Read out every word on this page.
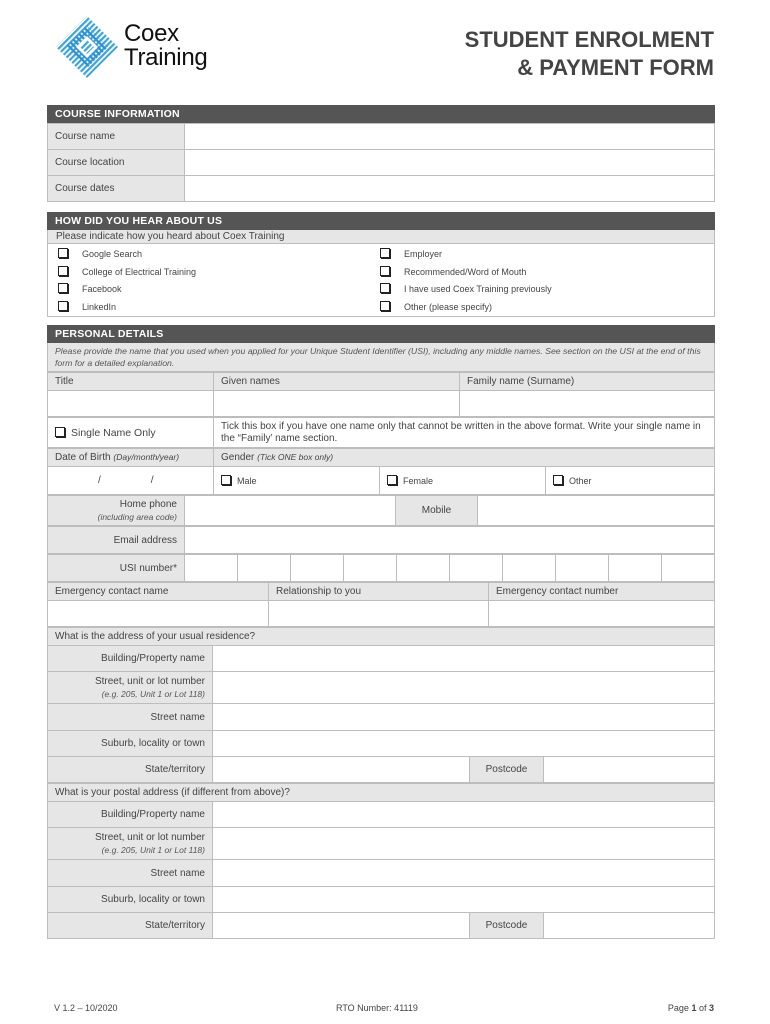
Coex
Training
STUDENT ENROLMENT
& PAYMENT FORM
COURSE INFORMATION
Course name	
Course location	
Course dates	
HOW DID YOU HEAR ABOUT US
Please indicate how you heard about Coex Training
Google Search
College of Electrical Training
Facebook
LinkedIn
Employer
Recommended/Word of Mouth
I have used Coex Training previously
Other (please specify)
PERSONAL DETAILS
Please provide the name that you used when you applied for your Unique Student Identifier (USI), including any middle names. See section on the USI at the end of this form for a detailed explanation.
Title	Given names	Family name (Surname)

Single Name Only	Tick this box if you have one name only that cannot be written in the above format. Write your single name in the “Family’ name section.
Date of Birth (Day/month/year)	Gender (Tick ONE box only)		
/ /	Male	Female	Other
Home phone
(including area code)
		Mobile	
Email address	
USI number*										
Emergency contact name	Relationship to you	Emergency contact number

What is the address of your usual residence?			
Building/Property name			
Street, unit or lot number
(e.g. 205, Unit 1 or Lot 118)			

Street name			
Suburb, locality or town			
State/territory		Postcode	
What is your postal address (if different from above)?			
Building/Property name			
Street, unit or lot number
(e.g. 205, Unit 1 or Lot 118)			

Street name			
Suburb, locality or town			
State/territory		Postcode	
V 1.2 – 10/2020	RTO Number: 41119	Page 1 of 3
